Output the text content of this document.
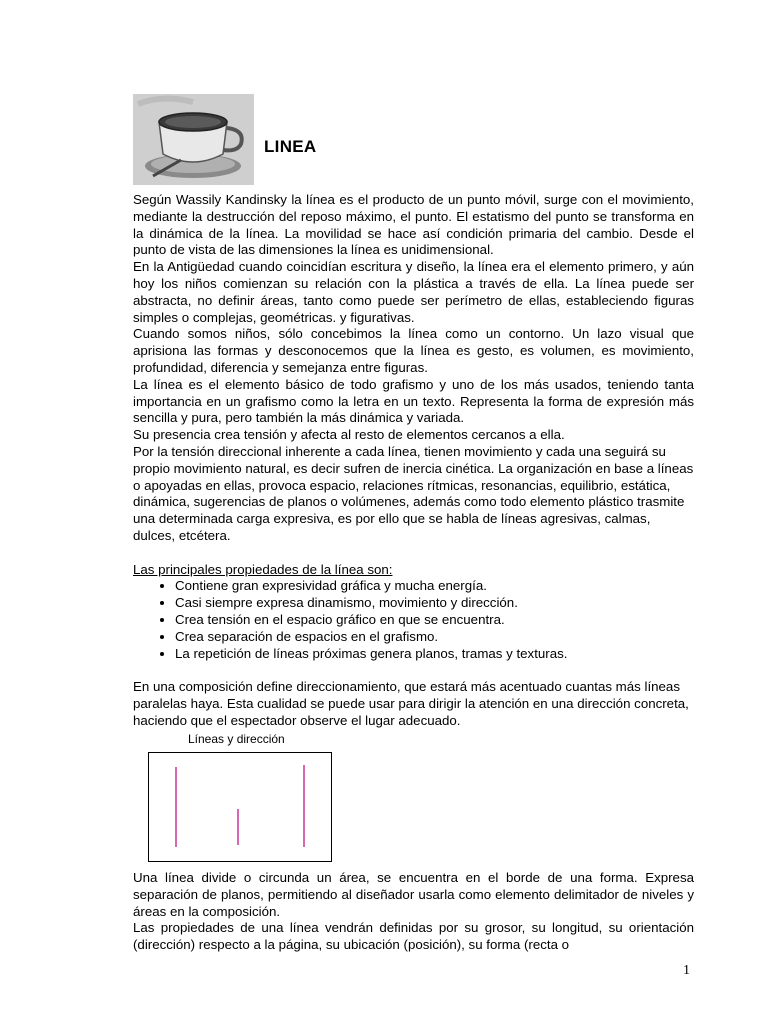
LINEA

Según Wassily Kandinsky la línea es el producto de un punto móvil, surge con el movimiento, mediante la destrucción del reposo máximo, el punto. El estatismo del punto se transforma en la dinámica de la línea. La movilidad se hace así condición primaria del cambio. Desde el punto de vista de las dimensiones la línea es unidimensional.

En la Antigüedad cuando coincidían escritura y diseño, la línea era el elemento primero, y aún hoy los niños comienzan su relación con la plástica a través de ella. La línea puede ser abstracta, no definir áreas, tanto como puede ser perímetro de ellas, estableciendo figuras simples o complejas, geométricas. y figurativas.

Cuando somos niños, sólo concebimos la línea como un contorno. Un lazo visual que aprisiona las formas y desconocemos que la línea es gesto, es volumen, es movimiento, profundidad, diferencia y semejanza entre figuras.

La línea es el elemento básico de todo grafismo y uno de los más usados, teniendo tanta importancia en un grafismo como la letra en un texto. Representa la forma de expresión más sencilla y pura, pero también la más dinámica y variada.

Su presencia crea tensión y afecta al resto de elementos cercanos a ella.

Por la tensión direccional inherente a cada línea, tienen movimiento y cada una seguirá su propio movimiento natural, es decir sufren de inercia cinética. La organización en base a líneas o apoyadas en ellas, provoca espacio, relaciones rítmicas, resonancias, equilibrio, estática, dinámica, sugerencias de planos o volúmenes, además como todo elemento plástico trasmite una determinada carga expresiva, es por ello que se habla de líneas agresivas, calmas, dulces, etcétera.

Las principales propiedades de la línea son:

• Contiene gran expresividad gráfica y mucha energía.
• Casi siempre expresa dinamismo, movimiento y dirección.
• Crea tensión en el espacio gráfico en que se encuentra.
• Crea separación de espacios en el grafismo.
• La repetición de líneas próximas genera planos, tramas y texturas.

En una composición define direccionamiento, que estará más acentuado cuantas más líneas paralelas haya. Esta cualidad se puede usar para dirigir la atención en una dirección concreta, haciendo que el espectador observe el lugar adecuado.

Líneas y dirección

Una línea divide o circunda un área, se encuentra en el borde de una forma. Expresa separación de planos, permitiendo al diseñador usarla como elemento delimitador de niveles y áreas en la composición.

Las propiedades de una línea vendrán definidas por su grosor, su longitud, su orientación (dirección) respecto a la página, su ubicación (posición), su forma (recta o

1
